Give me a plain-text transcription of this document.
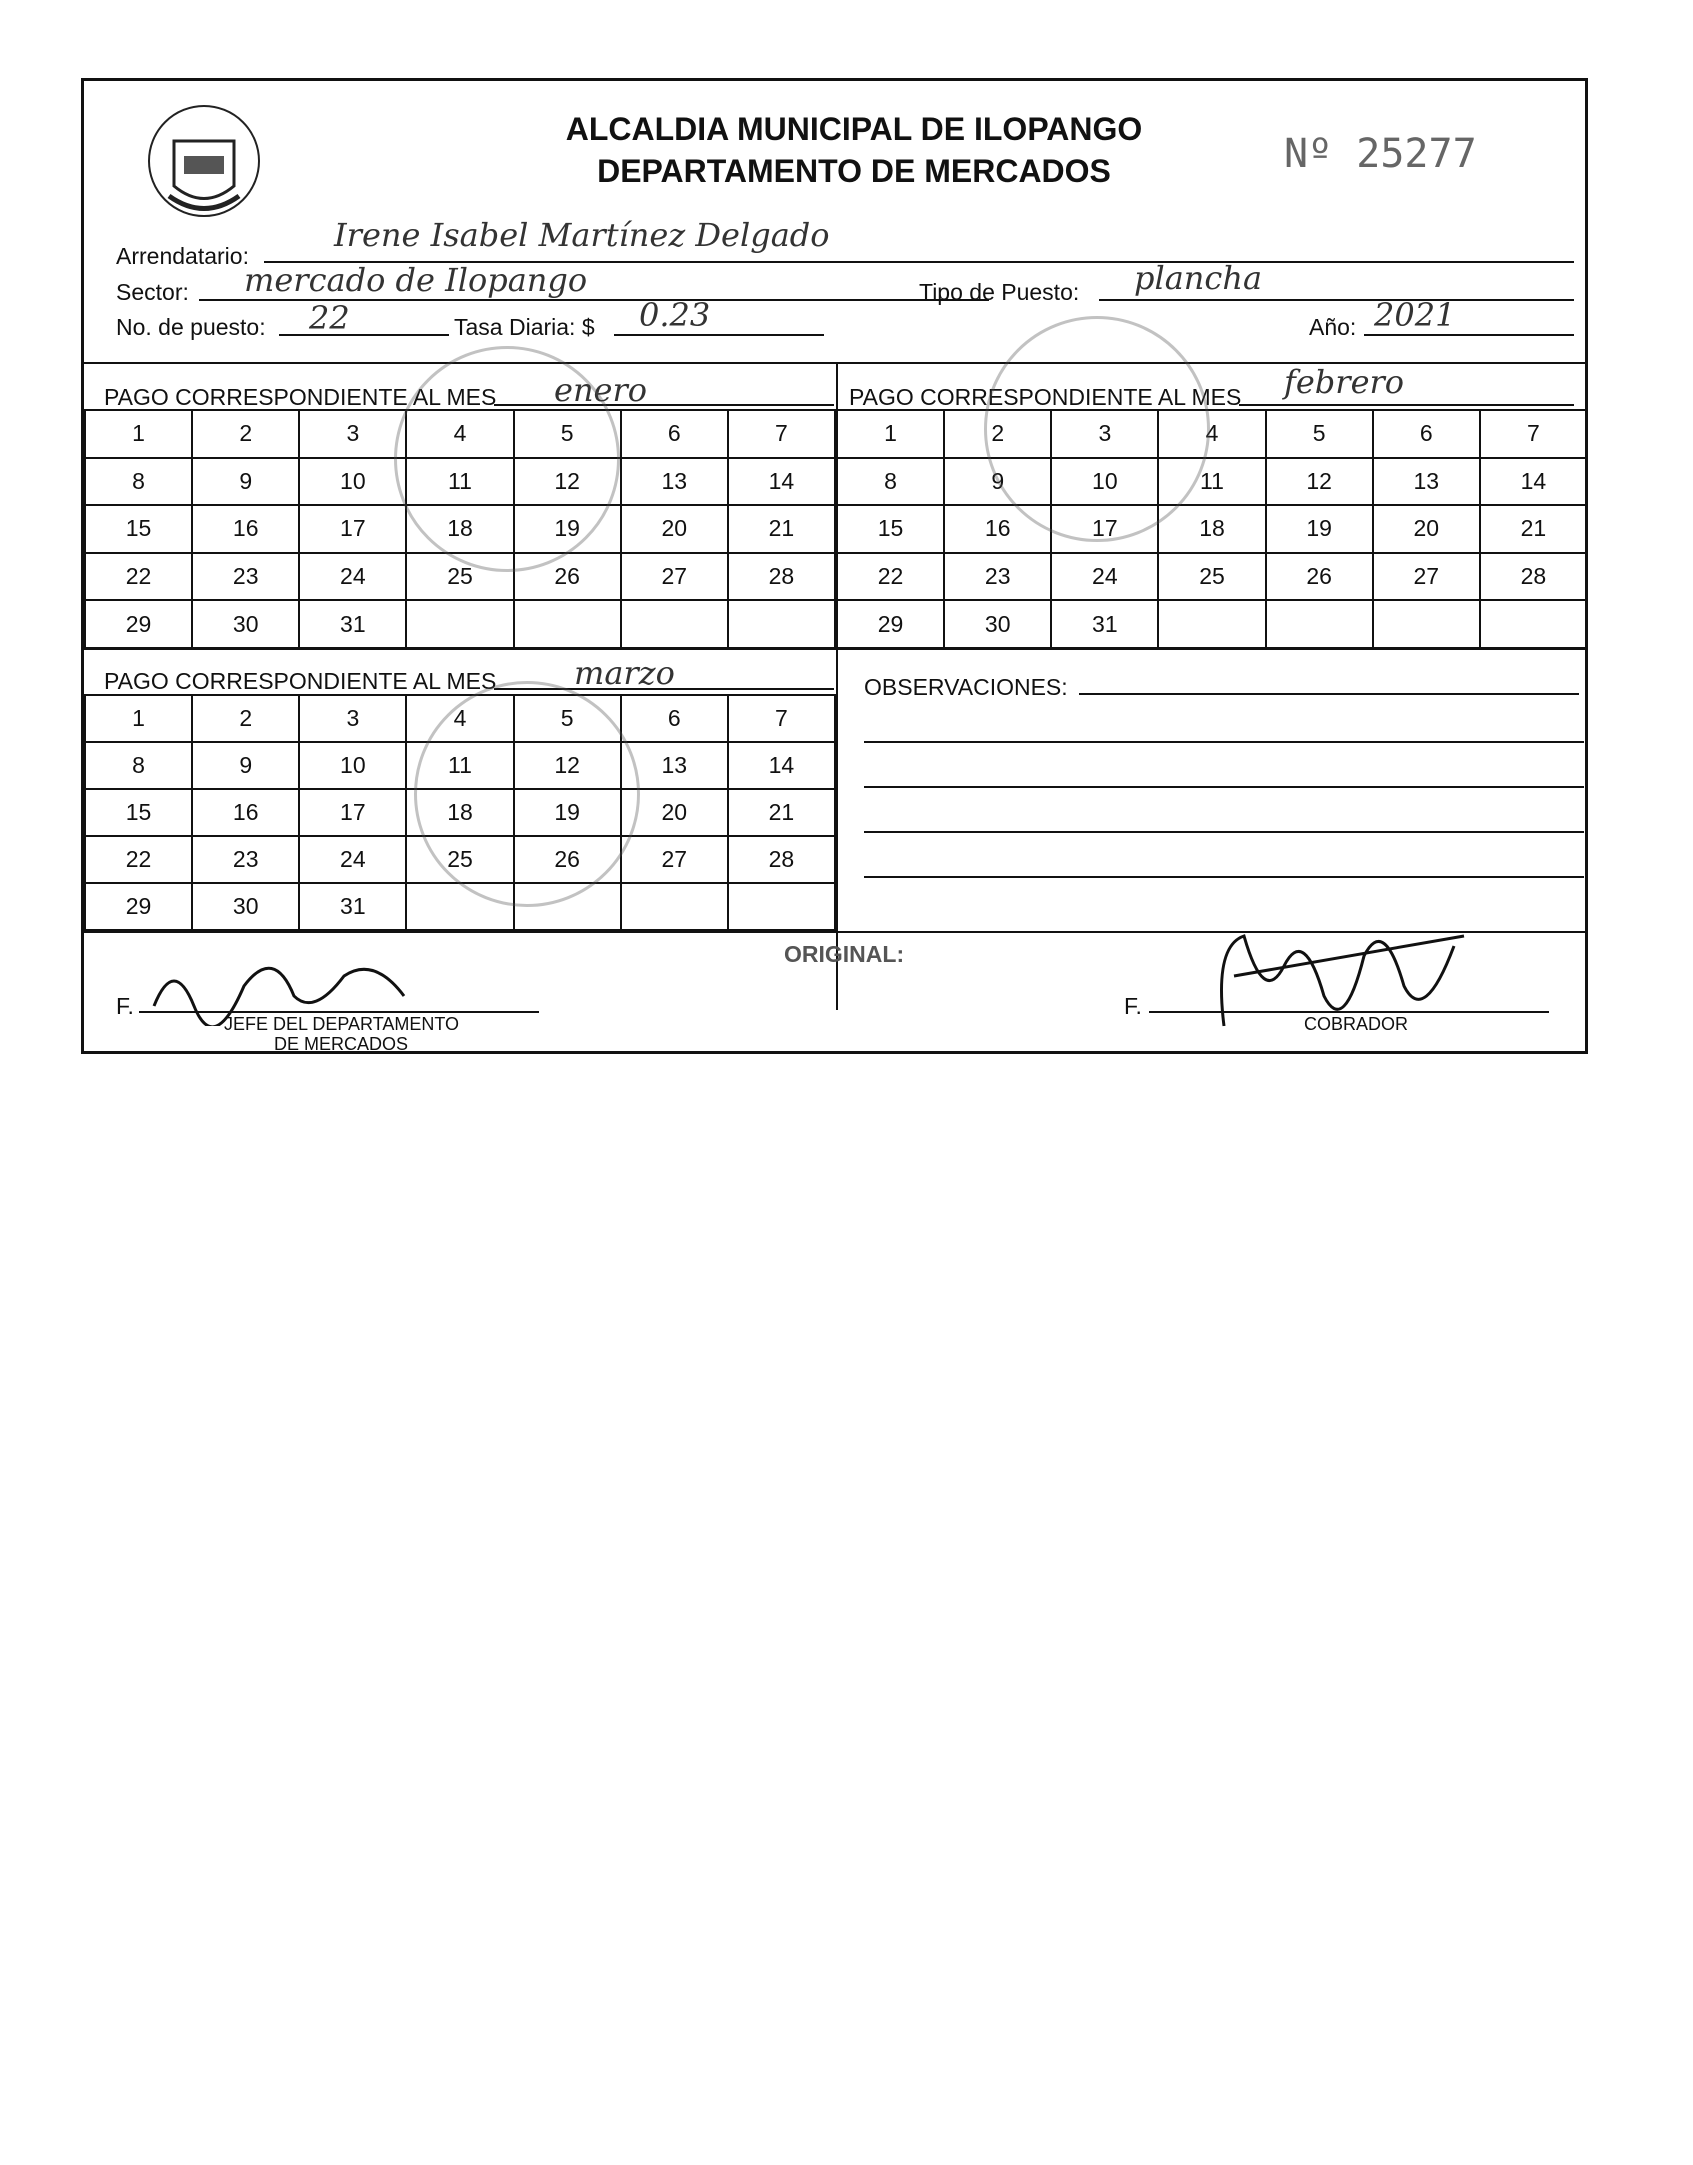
ALCALDIA MUNICIPAL DE ILOPANGO
DEPARTAMENTO DE MERCADOS	Nº 25277
Arrendatario:
Irene Isabel Martínez Delgado
Sector: mercado de Ilopango	Tipo de Puesto: plancha
No. de puesto: 22	Tasa Diaria: $ 0.23	Año: 2021
PAGO CORRESPONDIENTE AL MES enero
1	2	3	4	5	6	7
8	9	10	11	12	13	14
15	16	17	18	19	20	21
22	23	24	25	26	27	28
29	30	31				
PAGO CORRESPONDIENTE AL MES febrero
1	2	3	4	5	6	7
8	9	10	11	12	13	14
15	16	17	18	19	20	21
22	23	24	25	26	27	28
29	30	31				
PAGO CORRESPONDIENTE AL MES marzo
1	2	3	4	5	6	7
8	9	10	11	12	13	14
15	16	17	18	19	20	21
22	23	24	25	26	27	28
29	30	31				
OBSERVACIONES:
ORIGINAL:
F.
JEFE DEL DEPARTAMENTO
DE MERCADOS
F.
COBRADOR
